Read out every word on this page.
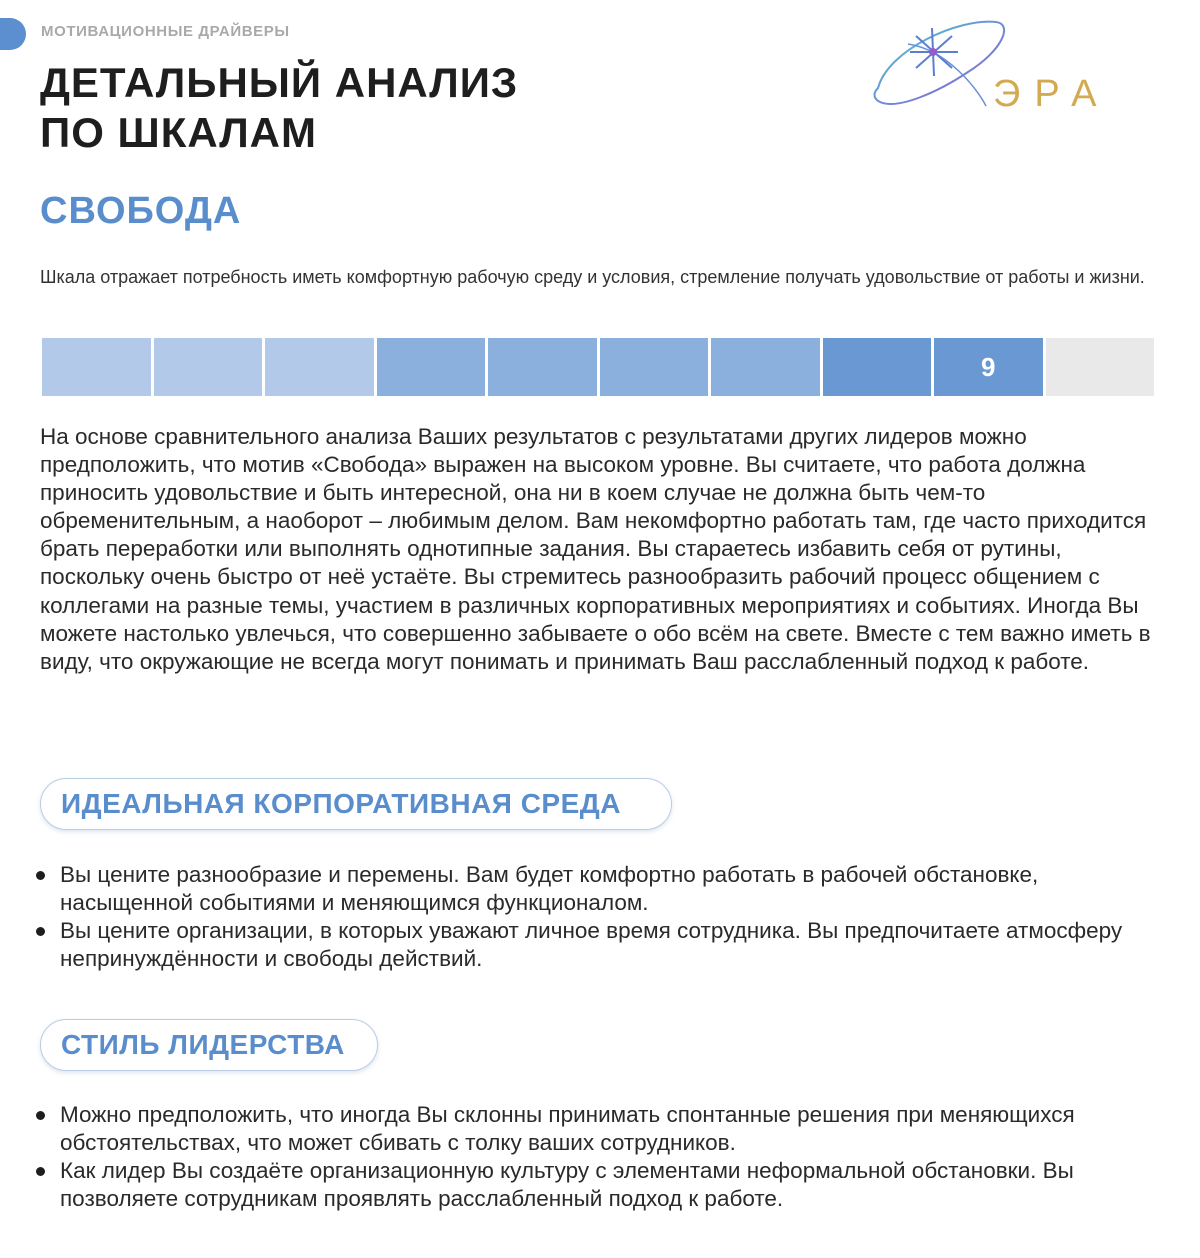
МОТИВАЦИОННЫЕ ДРАЙВЕРЫ
ДЕТАЛЬНЫЙ АНАЛИЗ
ПО ШКАЛАМ
ЭРА
СВОБОДА

Шкала отражает потребность иметь комфортную рабочую среду и условия, стремление получать удовольствие от работы и жизни.

9

На основе сравнительного анализа Ваших результатов с результатами других лидеров можно предположить, что мотив «Свобода» выражен на высоком уровне. Вы считаете, что работа должна приносить удовольствие и быть интересной, она ни в коем случае не должна быть чем-то обременительным, а наоборот – любимым делом. Вам некомфортно работать там, где часто приходится брать переработки или выполнять однотипные задания. Вы стараетесь избавить себя от рутины, поскольку очень быстро от неё устаёте. Вы стремитесь разнообразить рабочий процесс общением с коллегами на разные темы, участием в различных корпоративных мероприятиях и событиях. Иногда Вы можете настолько увлечься, что совершенно забываете о обо всём на свете. Вместе с тем важно иметь в виду, что окружающие не всегда могут понимать и принимать Ваш расслабленный подход к работе.

ИДЕАЛЬНАЯ КОРПОРАТИВНАЯ СРЕДА
Вы цените разнообразие и перемены. Вам будет комфортно работать в рабочей обстановке, насыщенной событиями и меняющимся функционалом.
Вы цените организации, в которых уважают личное время сотрудника. Вы предпочитаете атмосферу непринуждённости и свободы действий.
СТИЛЬ ЛИДЕРСТВА
Можно предположить, что иногда Вы склонны принимать спонтанные решения при меняющихся обстоятельствах, что может сбивать с толку ваших сотрудников.
Как лидер Вы создаёте организационную культуру с элементами неформальной обстановки. Вы позволяете сотрудникам проявлять расслабленный подход к работе.
